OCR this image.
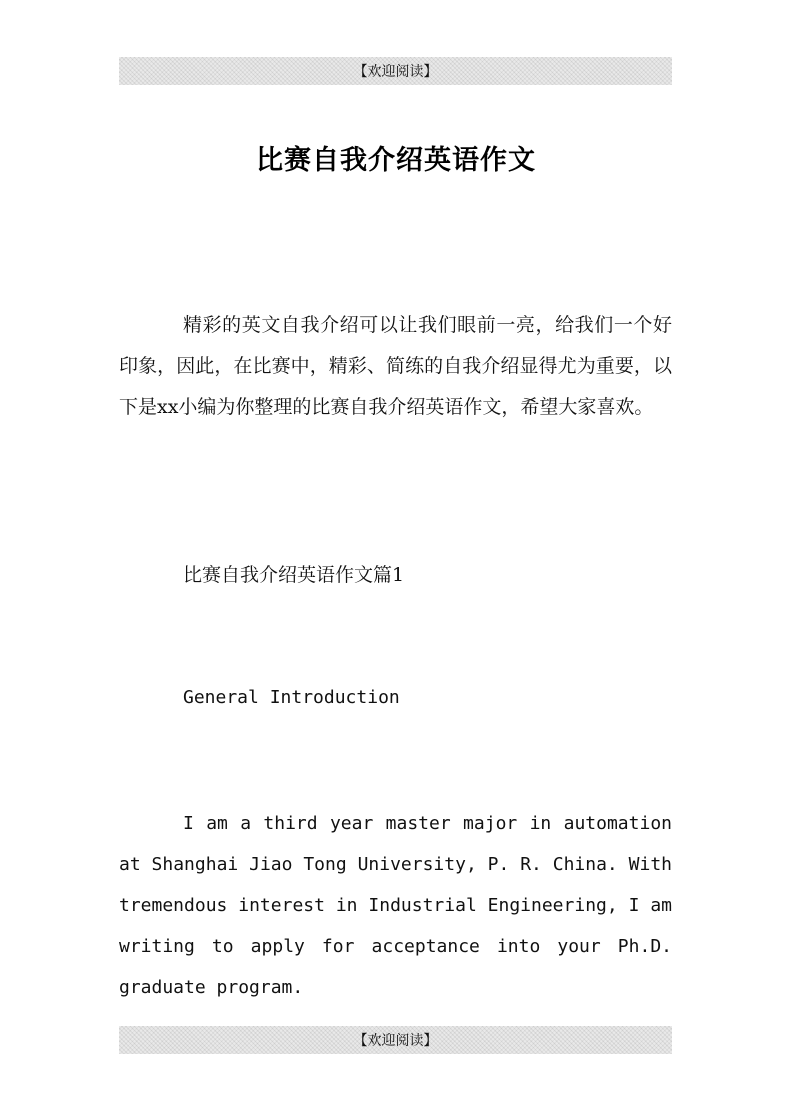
【欢迎阅读】
比赛自我介绍英语作文
精彩的英文自我介绍可以让我们眼前一亮，给我们一个好印象，因此，在比赛中，精彩、简练的自我介绍显得尤为重要，以下是xx小编为你整理的比赛自我介绍英语作文，希望大家喜欢。
比赛自我介绍英语作文篇1
General Introduction
I am a third year master major in automation at Shanghai Jiao Tong University, P. R. China. With tremendous interest in Industrial Engineering, I am writing to apply for acceptance into your Ph.D. graduate program.
【欢迎阅读】
